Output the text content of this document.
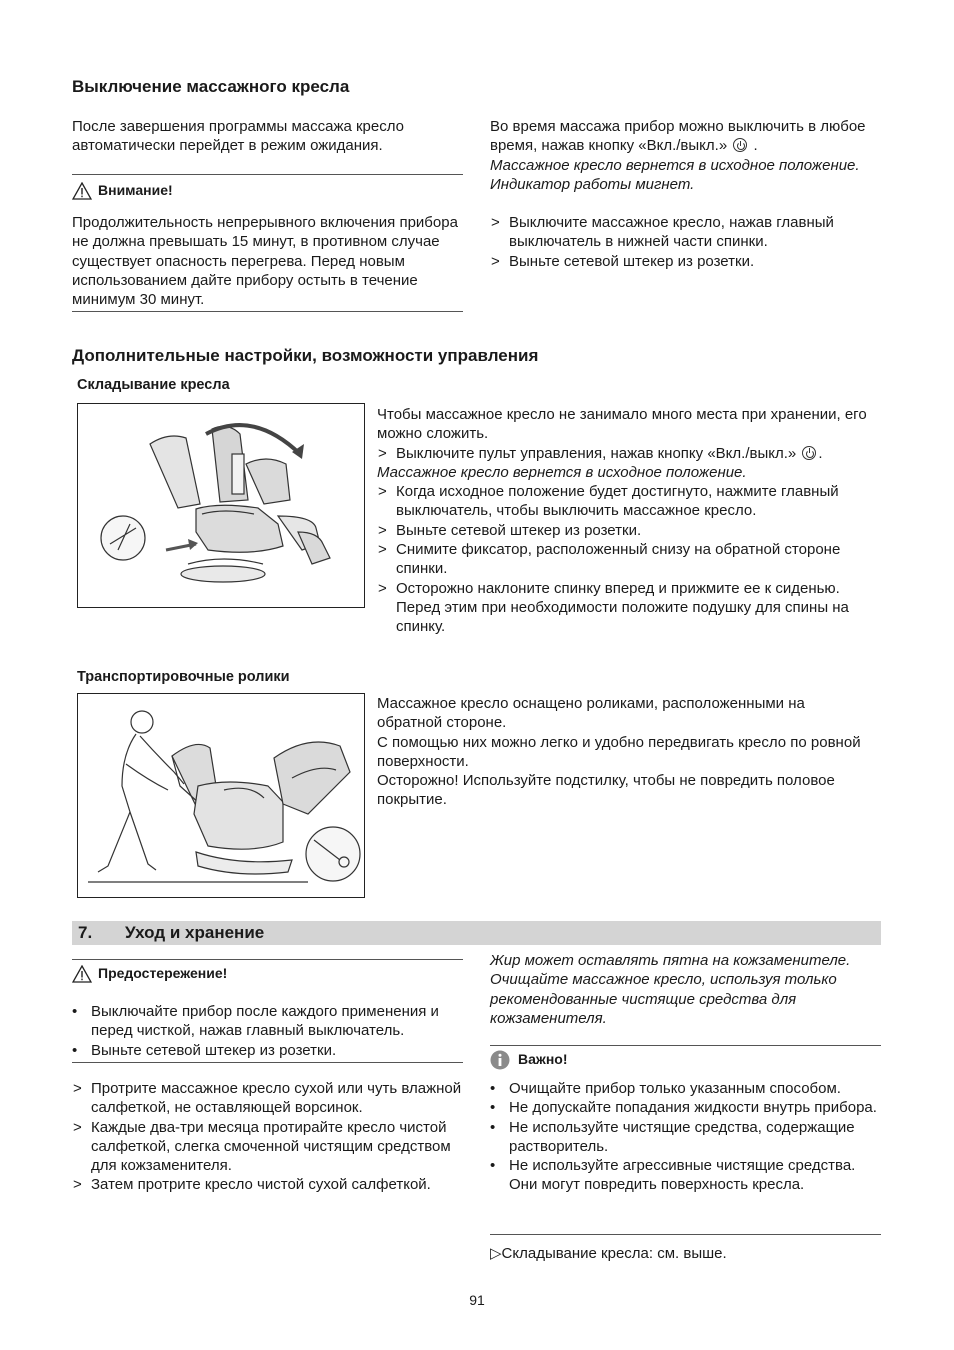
Выключение массажного кресла

После завершения программы массажа кресло автоматически перейдет в режим ожидания.

Внимание!

Продолжительность непрерывного включения прибора не должна превышать 15 минут, в противном случае существует опасность перегрева. Перед новым использованием дайте прибору остыть в течение минимум 30 минут.

Во время массажа прибор можно выключить в любое время, нажав кнопку «Вкл./выкл.» .

Массажное кресло вернется в исходное положение. Индикатор работы мигнет.

> Выключите массажное кресло, нажав главный выключатель в нижней части спинки.
> Выньте сетевой штекер из розетки.
Дополнительные настройки, возможности управления
Складывание кресла

Чтобы массажное кресло не занимало много места при хранении, его можно сложить.

> Выключите пульт управления, нажав кнопку «Вкл./выкл.» .

Массажное кресло вернется в исходное положение.

> Когда исходное положение будет достигнуто, нажмите главный выключатель, чтобы выключить массажное кресло.
> Выньте сетевой штекер из розетки.
> Снимите фиксатор, расположенный снизу на обратной стороне спинки.
> Осторожно наклоните спинку вперед и прижмите ее к сиденью.
Перед этим при необходимости положите подушку для спины на спинку.
Транспортировочные ролики

Массажное кресло оснащено роликами, расположенными на обратной стороне.

С помощью них можно легко и удобно передвигать кресло по ровной поверхности.

Осторожно! Используйте подстилку, чтобы не повредить половое покрытие.

7. Уход и хранение
Предостережение!
• Выключайте прибор после каждого применения и перед чисткой, нажав главный выключатель.
• Выньте сетевой штекер из розетки.
> Протрите массажное кресло сухой или чуть влажной салфеткой, не оставляющей ворсинок.
> Каждые два-три месяца протирайте кресло чистой салфеткой, слегка смоченной чистящим средством для кожзаменителя.
> Затем протрите кресло чистой сухой салфеткой.

Жир может оставлять пятна на кожзаменителе. Очищайте массажное кресло, используя только рекомендованные чистящие средства для кожзаменителя.

Важно!
• Очищайте прибор только указанным способом.
• Не допускайте попадания жидкости внутрь прибора.
• Не используйте чистящие средства, содержащие растворитель.
• Не используйте агрессивные чистящие средства.
Они могут повредить поверхность кресла.

▷Складывание кресла: см. выше.

91
